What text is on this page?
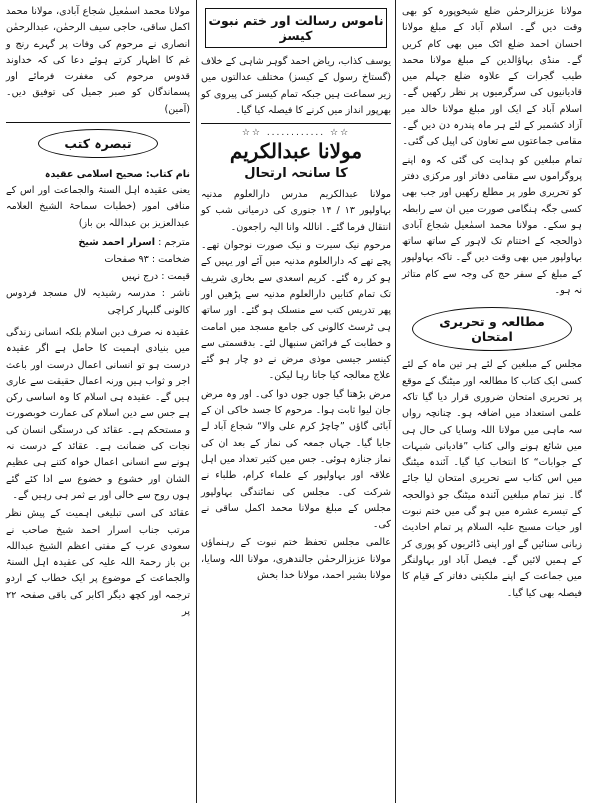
مولانا عزیزالرحمٰن ضلع شیخوپورہ کو بھی وقت دیں گے۔ اسلام آباد کے مبلغ مولانا احسان احمد ضلع اٹک میں بھی کام کریں گے۔ منڈی بہاؤالدین کے مبلغ مولانا محمد طیب گجرات کے علاوہ ضلع جہلم میں قادیانیوں کی سرگرمیوں پر نظر رکھیں گے۔ اسلام آباد کے ایک اور مبلغ مولانا خالد میر آزاد کشمیر کے لئے ہر ماہ پندرہ دن دیں گے۔ مقامی جماعتوں سے تعاون کی اپیل کی گئی۔

تمام مبلغین کو ہدایت کی گئی کہ وہ اپنے پروگراموں سے مقامی دفاتر اور مرکزی دفتر کو تحریری طور پر مطلع رکھیں اور جب بھی کسی جگہ ہنگامی صورت میں ان سے رابطہ ہو سکے۔ مولانا محمد اسمٰعیل شجاع آبادی ذوالحجہ کے اختتام تک لاہور کے ساتھ ساتھ بہاولپور میں بھی وقت دیں گے۔ تاکہ بہاولپور کے مبلغ کے سفر حج کی وجہ سے کام متاثر نہ ہو۔

مطالعہ و تحریری امتحان

مجلس کے مبلغین کے لئے ہر تین ماہ کے لئے کسی ایک کتاب کا مطالعہ اور میٹنگ کے موقع پر تحریری امتحان ضروری قرار دیا گیا تاکہ علمی استعداد میں اضافہ ہو۔ چنانچہ رواں سہ ماہی میں مولانا اللہ وسایا کی حال ہی میں شائع ہونے والی کتاب ”قادیانی شبہات کے جوابات“ کا انتخاب کیا گیا۔ آئندہ میٹنگ میں اس کتاب سے تحریری امتحان لیا جائے گا۔ نیز تمام مبلغین آئندہ میٹنگ جو ذوالحجہ کے تیسرے عشرہ میں ہو گی میں ختم نبوت اور حیات مسیح علیہ السلام پر تمام احادیث زبانی سنائیں گے اور اپنی ڈائریوں کو پوری کر کے ہمیں لائیں گے۔ فیصل آباد اور بہاولنگر میں جماعت کے اپنے ملکیتی دفاتر کے قیام کا فیصلہ بھی کیا گیا۔

ناموس رسالت اور ختم نبوت کیسز

یوسف کذاب، ریاض احمد گوہر شاہی کے خلاف (گستاخ رسول کے کیسز) مختلف عدالتوں میں زیر سماعت ہیں جبکہ تمام کیسز کی پیروی کو بھرپور انداز میں کرنے کا فیصلہ کیا گیا۔

☆☆ ............ ☆☆
مولانا عبدالکریم
کا سانحہ ارتحال

مولانا عبدالکریم مدرس دارالعلوم مدنیہ بہاولپور ۱۳ / ۱۴ جنوری کی درمیانی شب کو انتقال فرما گئے۔ اناللہ وانا الیہ راجعون۔

مرحوم نیک سیرت و نیک صورت نوجوان تھے۔ پچے تھے کہ دارالعلوم مدنیہ میں آئے اور یہیں کے ہو کر رہ گئے۔ کریم اسعدی سے بخاری شریف تک تمام کتابیں دارالعلوم مدنیہ سے پڑھیں اور پھر تدریس کتب سے منسلک ہو گئے۔ اور ساتھ ہی ٹرسٹ کالونی کی جامع مسجد میں امامت و خطابت کے فرائض سنبھال لئے۔ بدقسمتی سے کینسر جیسی موذی مرض نے دو چار ہو گئے علاج معالجہ کیا جاتا رہا لیکن۔

مرض بڑھتا گیا جوں جوں دوا کی۔ اور وہ مرض جان لیوا ثابت ہوا۔ مرحوم کا جسد خاکی ان کے آبائی گاؤں ”چاچڑ کرم علی والا“ شجاع آباد لے جایا گیا۔ جہاں جمعہ کی نماز کے بعد ان کی نماز جنازہ ہوئی۔ جس میں کثیر تعداد میں اہل علاقہ اور بہاولپور کے علماء کرام، طلباء نے شرکت کی۔ مجلس کی نمائندگی بہاولپور مجلس کے مبلغ مولانا محمد اکمل ساقی نے کی۔

عالمی مجلس تحفظ ختم نبوت کے رہنماؤں مولانا عزیزالرحمٰن جالندھری، مولانا اللہ وسایا، مولانا بشیر احمد، مولانا خدا بخش

مولانا محمد اسمٰعیل شجاع آبادی، مولانا محمد اکمل ساقی، حاجی سیف الرحمٰن، عبدالرحمٰن انصاری نے مرحوم کی وفات پر گہرے رنج و غم کا اظہار کرتے ہوئے دعا کی کہ خداوند قدوس مرحوم کی مغفرت فرمائے اور پسماندگان کو صبر جمیل کی توفیق دیں۔ (آمین)

تبصرہ کتب
نام کتاب: صحیح اسلامی عقیدہ

یعنی عقیدہ اہل السنۃ والجماعت اور اس کے منافی امور (خطبات سماحۃ الشیخ العلامہ عبدالعزیز بن عبداللہ بن باز)

مترجم : اسرار احمد شیخ
ضخامت : ۹۳ صفحات
قیمت : درج نہیں
ناشر : مدرسہ رشیدیہ لال مسجد فردوس کالونی گلبہار کراچی

عقیدہ نہ صرف دین اسلام بلکہ انسانی زندگی میں بنیادی اہمیت کا حامل ہے اگر عقیدہ درست ہو تو انسانی اعمال درست اور باعث اجر و ثواب ہیں ورنہ اعمال حقیقت سے عاری ہیں گے۔ عقیدہ ہی اسلام کا وہ اساسی رکن ہے جس سے دین اسلام کی عمارت خوبصورت و مستحکم ہے۔ عقائد کی درستگی انسان کی نجات کی ضمانت ہے۔ عقائد کے درست نہ ہونے سے انسانی اعمال خواہ کتنے ہی عظیم الشان اور خشوع و خضوع سے ادا کئے گئے ہوں روح سے خالی اور بے ثمر ہی رہیں گے۔

عقائد کی اسی تبلیغی اہمیت کے پیش نظر مرتب جناب اسرار احمد شیخ صاحب نے سعودی عرب کے مفتی اعظم الشیخ عبداللہ بن باز رحمۃ اللہ علیہ کی عقیدہ اہل السنۃ والجماعت کے موضوع پر ایک خطاب کے اردو ترجمہ اور کچھ دیگر اکابر کی باقی صفحہ ۲۲ پر
